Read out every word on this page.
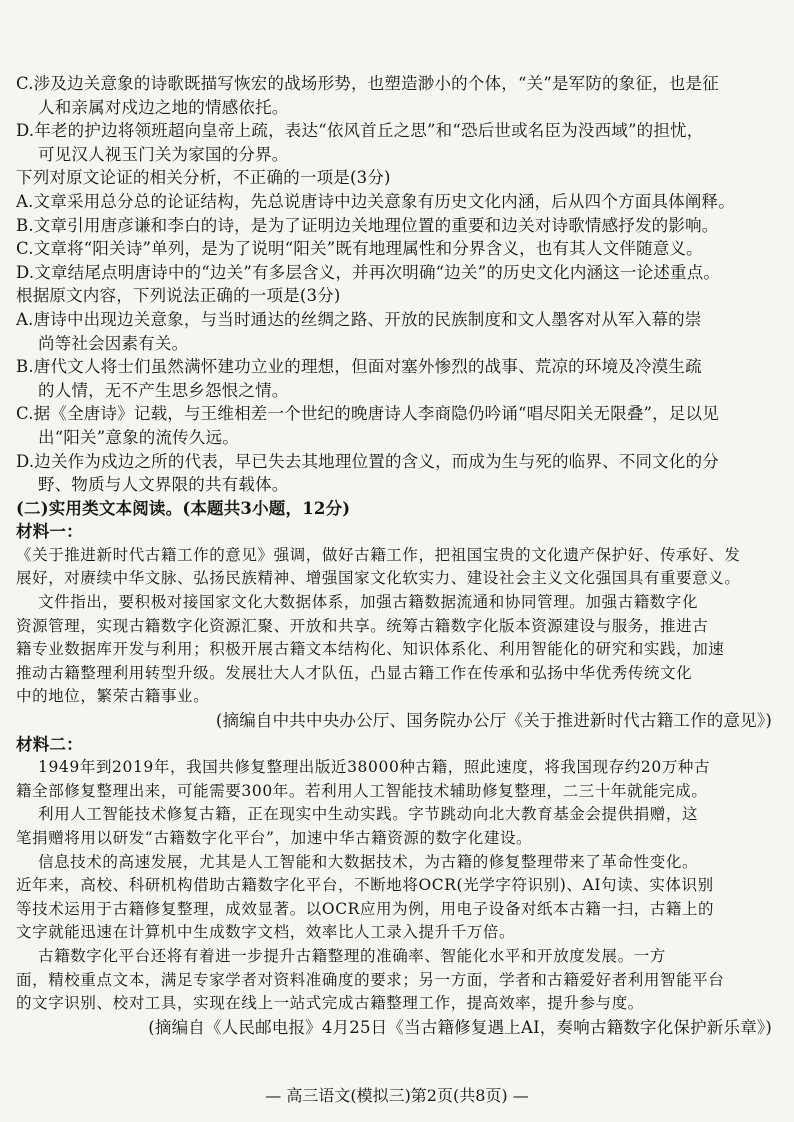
C.涉及边关意象的诗歌既描写恢宏的战场形势，也塑造渺小的个体，“关”是军防的象征，也是征
人和亲属对戍边之地的情感依托。
D.年老的护边将领班超向皇帝上疏，表达“依风首丘之思”和“恐后世或名臣为没西域”的担忧，
可见汉人视玉门关为家国的分界。
下列对原文论证的相关分析，不正确的一项是(3分)
A.文章采用总分总的论证结构，先总说唐诗中边关意象有历史文化内涵，后从四个方面具体阐释。
B.文章引用唐彦谦和李白的诗，是为了证明边关地理位置的重要和边关对诗歌情感抒发的影响。
C.文章将“阳关诗”单列，是为了说明“阳关”既有地理属性和分界含义，也有其人文伴随意义。
D.文章结尾点明唐诗中的“边关”有多层含义，并再次明确“边关”的历史文化内涵这一论述重点。
根据原文内容，下列说法正确的一项是(3分)
A.唐诗中出现边关意象，与当时通达的丝绸之路、开放的民族制度和文人墨客对从军入幕的崇
尚等社会因素有关。
B.唐代文人将士们虽然满怀建功立业的理想，但面对塞外惨烈的战事、荒凉的环境及冷漠生疏
的人情，无不产生思乡怨恨之情。
C.据《全唐诗》记载，与王维相差一个世纪的晚唐诗人李商隐仍吟诵“唱尽阳关无限叠”，足以见
出“阳关”意象的流传久远。
D.边关作为戍边之所的代表，早已失去其地理位置的含义，而成为生与死的临界、不同文化的分
野、物质与人文界限的共有载体。
(二)实用类文本阅读。(本题共3小题，12分)
材料一：
《关于推进新时代古籍工作的意见》强调，做好古籍工作，把祖国宝贵的文化遗产保护好、传承好、发
展好，对赓续中华文脉、弘扬民族精神、增强国家文化软实力、建设社会主义文化强国具有重要意义。
文件指出，要积极对接国家文化大数据体系，加强古籍数据流通和协同管理。加强古籍数字化
资源管理，实现古籍数字化资源汇聚、开放和共享。统筹古籍数字化版本资源建设与服务，推进古
籍专业数据库开发与利用；积极开展古籍文本结构化、知识体系化、利用智能化的研究和实践，加速
推动古籍整理利用转型升级。发展壮大人才队伍，凸显古籍工作在传承和弘扬中华优秀传统文化
中的地位，繁荣古籍事业。
(摘编自中共中央办公厅、国务院办公厅《关于推进新时代古籍工作的意见》)
材料二：
1949年到2019年，我国共修复整理出版近38000种古籍，照此速度，将我国现存约20万种古
籍全部修复整理出来，可能需要300年。若利用人工智能技术辅助修复整理，二三十年就能完成。
利用人工智能技术修复古籍，正在现实中生动实践。字节跳动向北大教育基金会提供捐赠，这
笔捐赠将用以研发“古籍数字化平台”，加速中华古籍资源的数字化建设。
信息技术的高速发展，尤其是人工智能和大数据技术，为古籍的修复整理带来了革命性变化。
近年来，高校、科研机构借助古籍数字化平台，不断地将OCR(光学字符识别)、AI句读、实体识别
等技术运用于古籍修复整理，成效显著。以OCR应用为例，用电子设备对纸本古籍一扫，古籍上的
文字就能迅速在计算机中生成数字文档，效率比人工录入提升千万倍。
古籍数字化平台还将有着进一步提升古籍整理的准确率、智能化水平和开放度发展。一方
面，精校重点文本，满足专家学者对资料准确度的要求；另一方面，学者和古籍爱好者利用智能平台
的文字识别、校对工具，实现在线上一站式完成古籍整理工作，提高效率，提升参与度。
(摘编自《人民邮电报》4月25日《当古籍修复遇上AI，奏响古籍数字化保护新乐章》)
— 高三语文(模拟三)第2页(共8页) —
